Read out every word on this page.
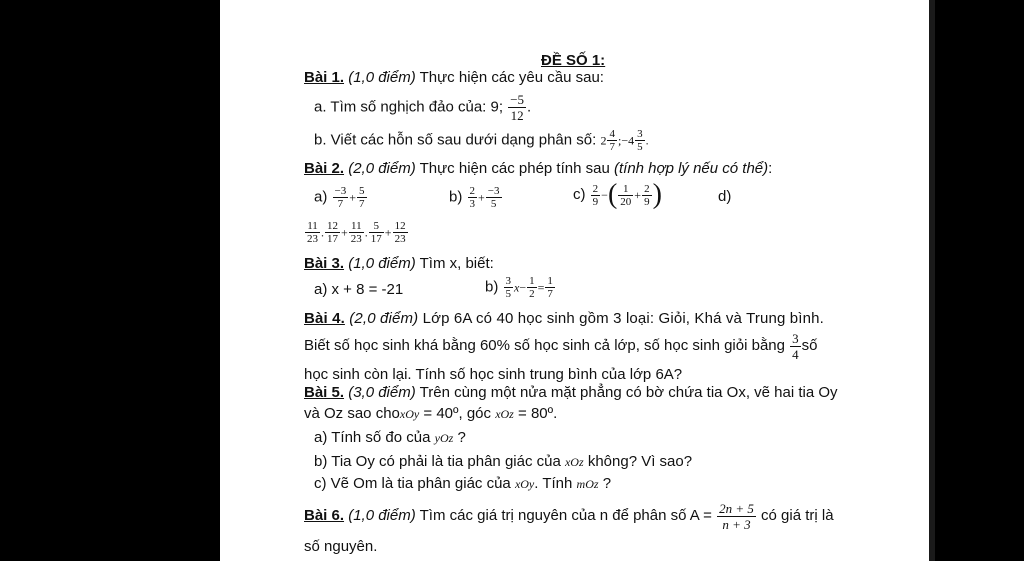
ĐỀ SỐ 1:
Bài 1. (1,0 điểm) Thực hiện các yêu cầu sau:
a. Tìm số nghịch đảo của: 9; $\frac{-5}{12}$ .
b. Viết các hỗn số sau dưới dạng phân số: $2 \frac{4}{7}$ ;−4 $\frac{3}{5}$ .
Bài 2. (2,0 điểm) Thực hiện các phép tính sau (tính hợp lý nếu có thể):
$a) \frac{-3}{7} + \frac{5}{7}$	$b) \frac{2}{3} + \frac{-3}{5}$	$c) \frac{2}{9}$ −( $\frac{1}{20} + \frac{2}{9}$ )	d)
$\frac{11}{23}$ . $\frac{12}{17} + \frac{11}{23}$ . $\frac{5}{17} + \frac{12}{23}$
Bài 3. (1,0 điểm) Tìm x, biết:
a) x + 8 = -21	$b) \frac{3}{5} x- \frac{1}{2} = \frac{1}{7}$
Bài 4. (2,0 điểm) Lớp 6A có 40 học sinh gồm 3 loại: Giỏi, Khá và Trung bình.
Biết số học sinh khá bằng 60% số học sinh cả lớp, số học sinh giỏi bằng $\frac{3}{4}$ số
học sinh còn lại. Tính số học sinh trung bình của lớp 6A?
Bài 5. (3,0 điểm) Trên cùng một nửa mặt phẳng có bờ chứa tia Ox, vẽ hai tia Oy
và Oz sao choxOy = 40º, góc xOz = 80º.
a) Tính số đo của yOz ?
b) Tia Oy có phải là tia phân giác của xOz không? Vì sao?
c) Vẽ Om là tia phân giác của xOy. Tính mOz ?
Bài 6. (1,0 điểm) Tìm các giá trị nguyên của n để phân số $A = \frac{2n + 5}{n + 3}$ có giá trị là
số nguyên.
